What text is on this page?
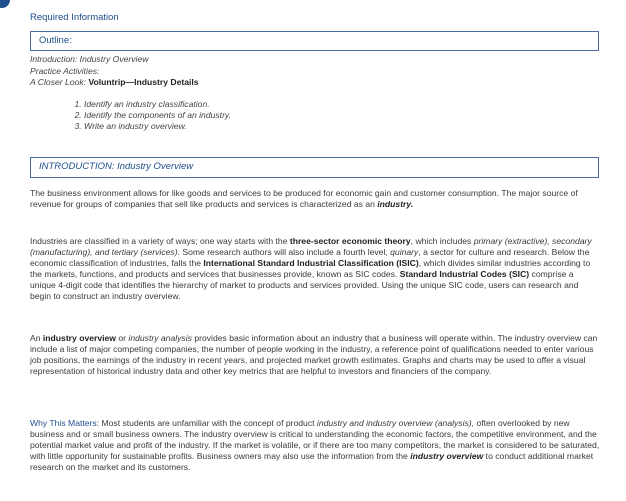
Required Information
Outline:
Introduction: Industry Overview
Practice Activities:
A Closer Look: Voluntrip—Industry Details
1. Identify an industry classification.
2. Identify the components of an industry.
3. Write an industry overview.
INTRODUCTION: Industry Overview
The business environment allows for like goods and services to be produced for economic gain and customer consumption. The major source of revenue for groups of companies that sell like products and services is characterized as an industry.
Industries are classified in a variety of ways; one way starts with the three-sector economic theory, which includes primary (extractive), secondary (manufacturing), and tertiary (services). Some research authors will also include a fourth level, quinary, a sector for culture and research. Below the economic classification of industries, falls the International Standard Industrial Classification (ISIC), which divides similar industries according to the markets, functions, and products and services that businesses provide, known as SIC codes. Standard Industrial Codes (SIC) comprise a unique 4-digit code that identifies the hierarchy of market to products and services provided. Using the unique SIC code, users can research and begin to construct an industry overview.
An industry overview or industry analysis provides basic information about an industry that a business will operate within. The industry overview can include a list of major competing companies, the number of people working in the industry, a reference point of qualifications needed to enter various job positions, the earnings of the industry in recent years, and projected market growth estimates. Graphs and charts may be used to offer a visual representation of historical industry data and other key metrics that are helpful to investors and financiers of the company.
Why This Matters: Most students are unfamiliar with the concept of product industry and industry overview (analysis), often overlooked by new business and or small business owners. The industry overview is critical to understanding the economic factors, the competitive environment, and the potential market value and profit of the industry. If the market is volatile, or if there are too many competitors, the market is considered to be saturated, with little opportunity for sustainable profits. Business owners may also use the information from the industry overview to conduct additional market research on the market and its customers.
